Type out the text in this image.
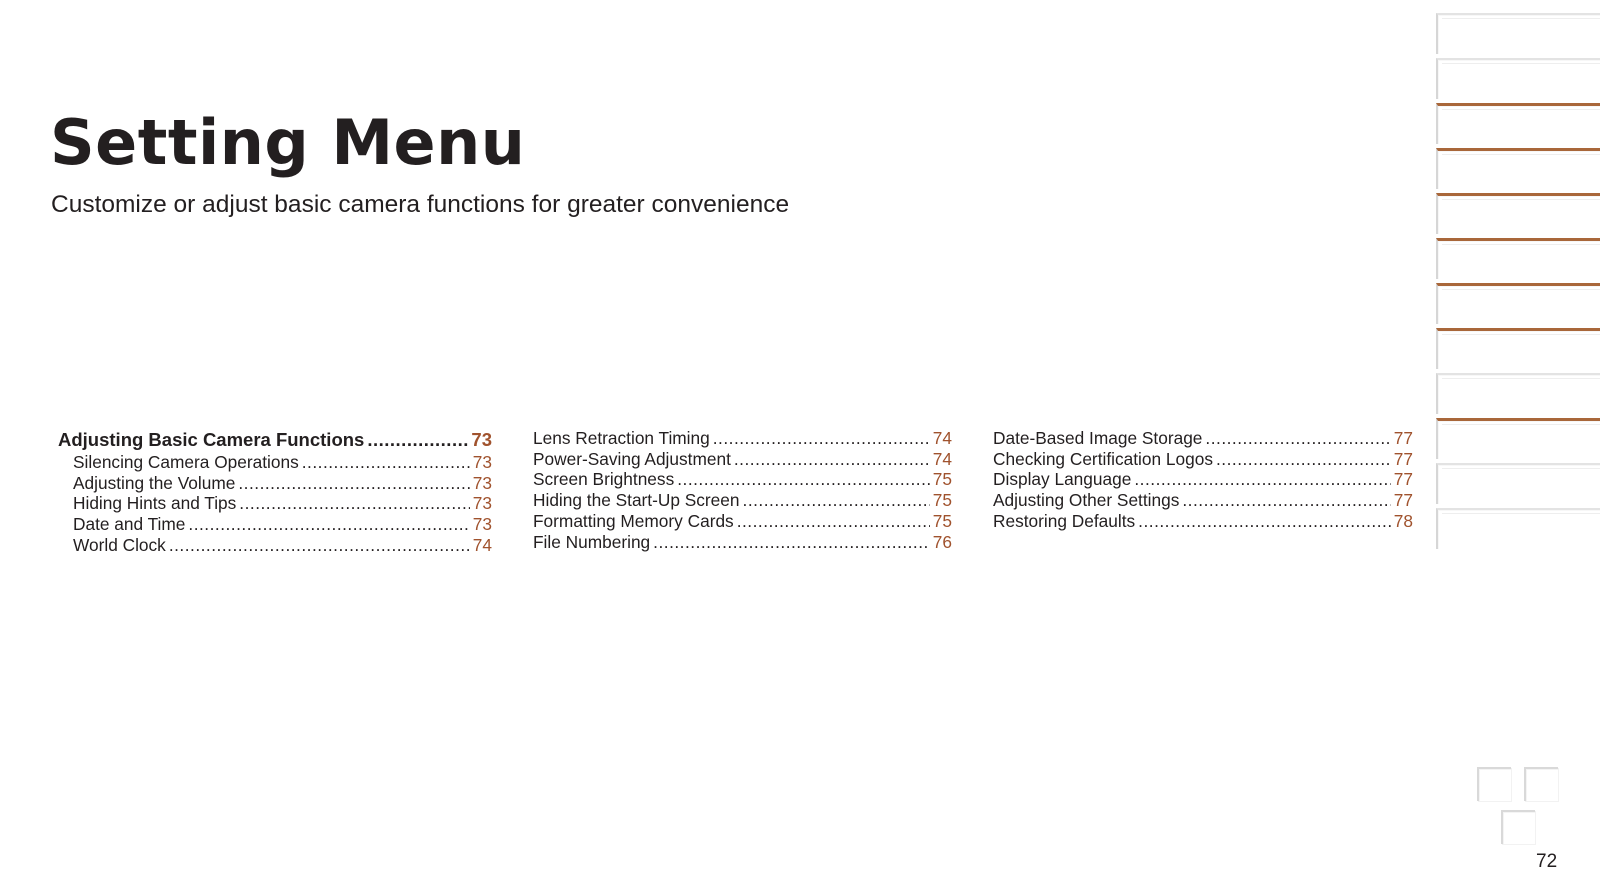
Setting Menu

Customize or adjust basic camera functions for greater convenience

Adjusting Basic Camera Functions .....	73
Silencing Camera Operations .....	73
Adjusting the Volume .....	73
Hiding Hints and Tips .....	73
Date and Time .....	73
World Clock .....	74
Lens Retraction Timing .....	74
Power-Saving Adjustment .....	74
Screen Brightness .....	75
Hiding the Start-Up Screen .....	75
Formatting Memory Cards .....	75
File Numbering .....	76
Date-Based Image Storage .....	77
Checking Certification Logos .....	77
Display Language .....	77
Adjusting Other Settings .....	77
Restoring Defaults .....	78
72
